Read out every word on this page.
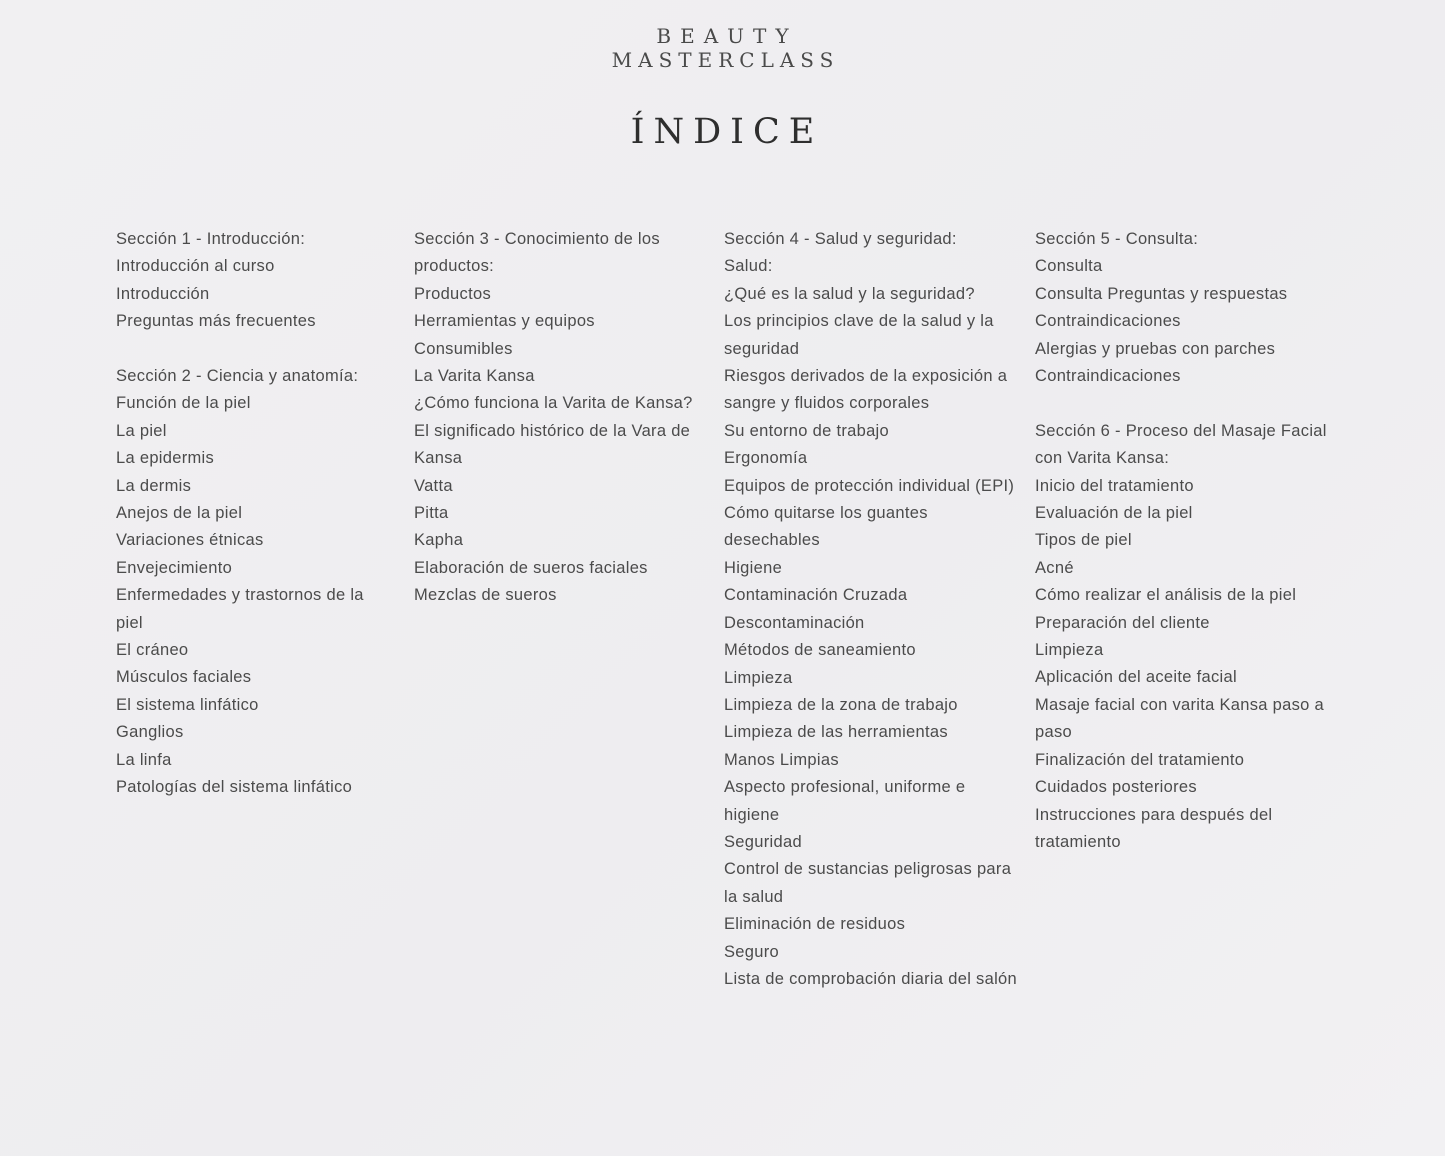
BEAUTY
MASTERCLASS
ÍNDICE
Sección 1 - Introducción:
Introducción al curso
Introducción
Preguntas más frecuentes
Sección 2 - Ciencia y anatomía:
Función de la piel
La piel
La epidermis
La dermis
Anejos de la piel
Variaciones étnicas
Envejecimiento
Enfermedades y trastornos de la piel
El cráneo
Músculos faciales
El sistema linfático
Ganglios
La linfa
Patologías del sistema linfático
Sección 3 - Conocimiento de los productos:
Productos
Herramientas y equipos
Consumibles
La Varita Kansa
¿Cómo funciona la Varita de Kansa?
El significado histórico de la Vara de Kansa
Vatta
Pitta
Kapha
Elaboración de sueros faciales
Mezclas de sueros
Sección 4 - Salud y seguridad:
Salud:
¿Qué es la salud y la seguridad?
Los principios clave de la salud y la seguridad
Riesgos derivados de la exposición a sangre y fluidos corporales
Su entorno de trabajo
Ergonomía
Equipos de protección individual (EPI)
Cómo quitarse los guantes desechables
Higiene
Contaminación Cruzada
Descontaminación
Métodos de saneamiento
Limpieza
Limpieza de la zona de trabajo
Limpieza de las herramientas
Manos Limpias
Aspecto profesional, uniforme e higiene
Seguridad
Control de sustancias peligrosas para la salud
Eliminación de residuos
Seguro
Lista de comprobación diaria del salón
Sección 5 - Consulta:
Consulta
Consulta Preguntas y respuestas
Contraindicaciones
Alergias y pruebas con parches
Contraindicaciones
Sección 6 - Proceso del Masaje Facial con Varita Kansa:
Inicio del tratamiento
Evaluación de la piel
Tipos de piel
Acné
Cómo realizar el análisis de la piel
Preparación del cliente
Limpieza
Aplicación del aceite facial
Masaje facial con varita Kansa paso a paso
Finalización del tratamiento
Cuidados posteriores
Instrucciones para después del tratamiento
